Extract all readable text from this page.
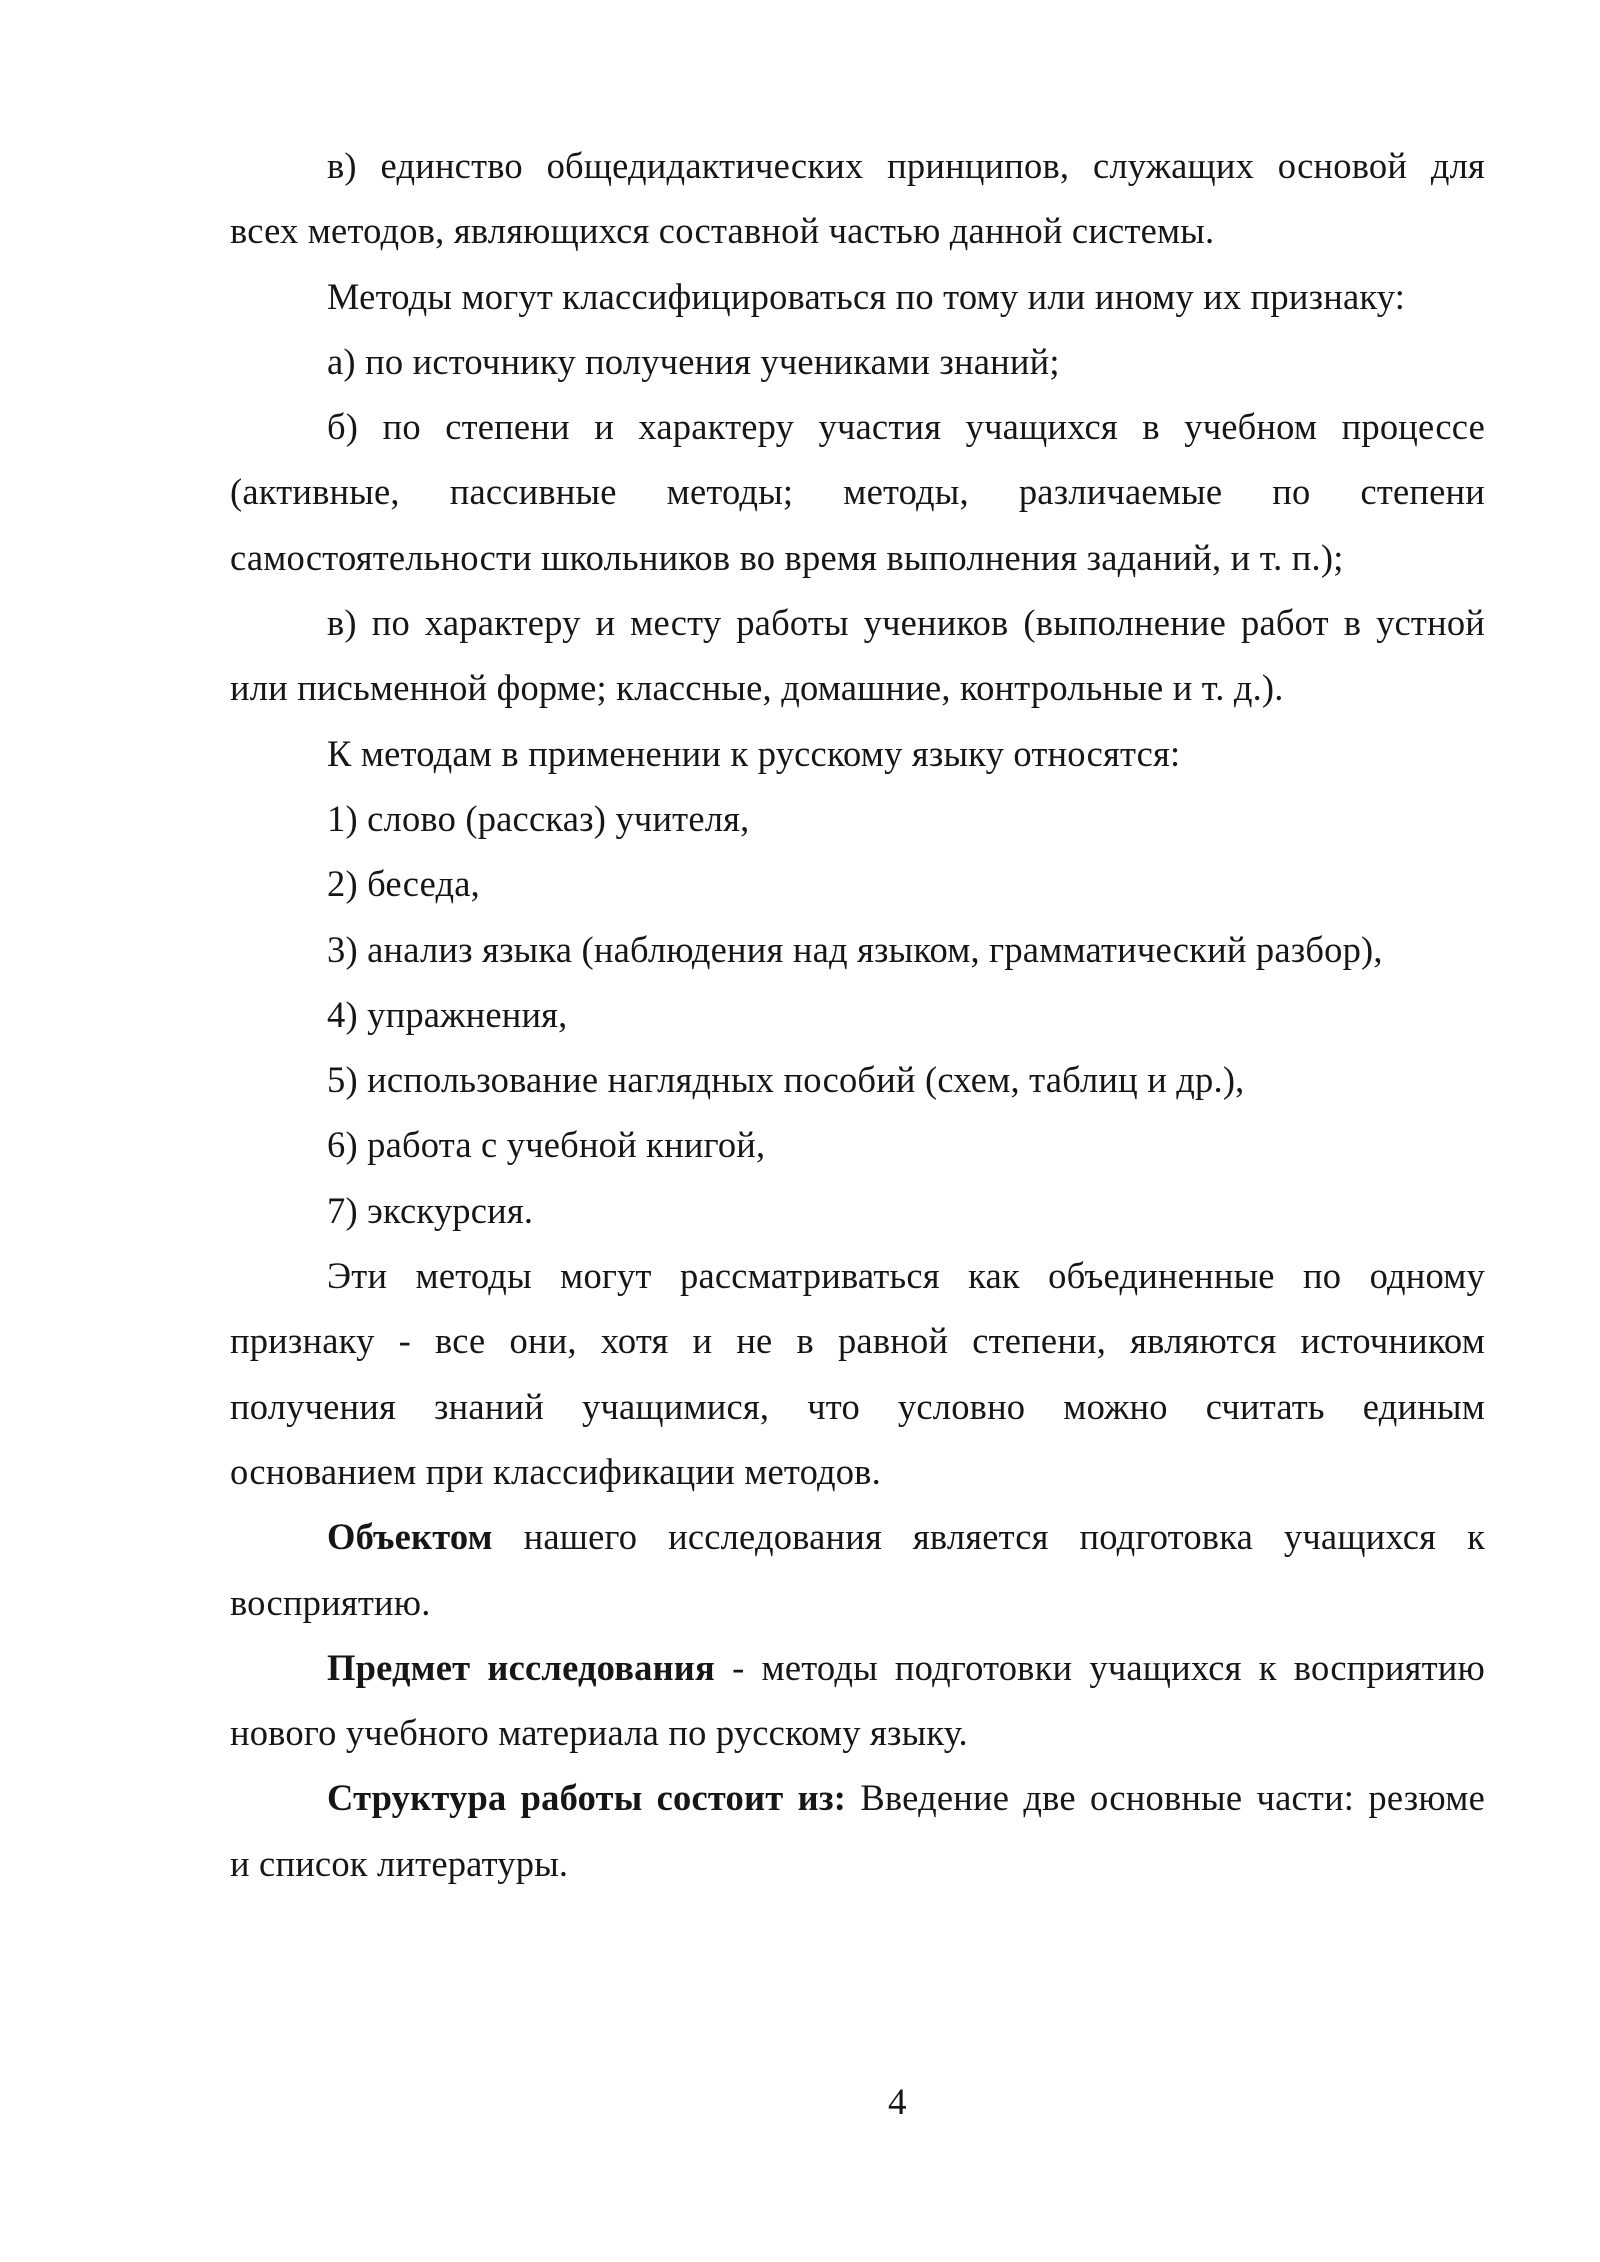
в) единство общедидактических принципов, служащих основой для
всех методов, являющихся составной частью данной системы.
Методы могут классифицироваться по тому или иному их признаку:
а) по источнику получения учениками знаний;
б) по степени и характеру участия учащихся в учебном процессе
(активные, пассивные методы; методы, различаемые по степени
самостоятельности школьников во время выполнения заданий, и т. п.);
в) по характеру и месту работы учеников (выполнение работ в устной
или письменной форме; классные, домашние, контрольные и т. д.).
К методам в применении к русскому языку относятся:
1) слово (рассказ) учителя,
2) беседа,
3) анализ языка (наблюдения над языком, грамматический разбор),
4) упражнения,
5) использование наглядных пособий (схем, таблиц и др.),
6) работа с учебной книгой,
7) экскурсия.
Эти методы могут рассматриваться как объединенные по одному
признаку - все они, хотя и не в равной степени, являются источником
получения знаний учащимися, что условно можно считать единым
основанием при классификации методов.
Объектом нашего исследования является подготовка учащихся к
восприятию.
Предмет исследования - методы подготовки учащихся к восприятию
нового учебного материала по русскому языку.
Структура работы состоит из: Введение две основные части: резюме
и список литературы.
4
